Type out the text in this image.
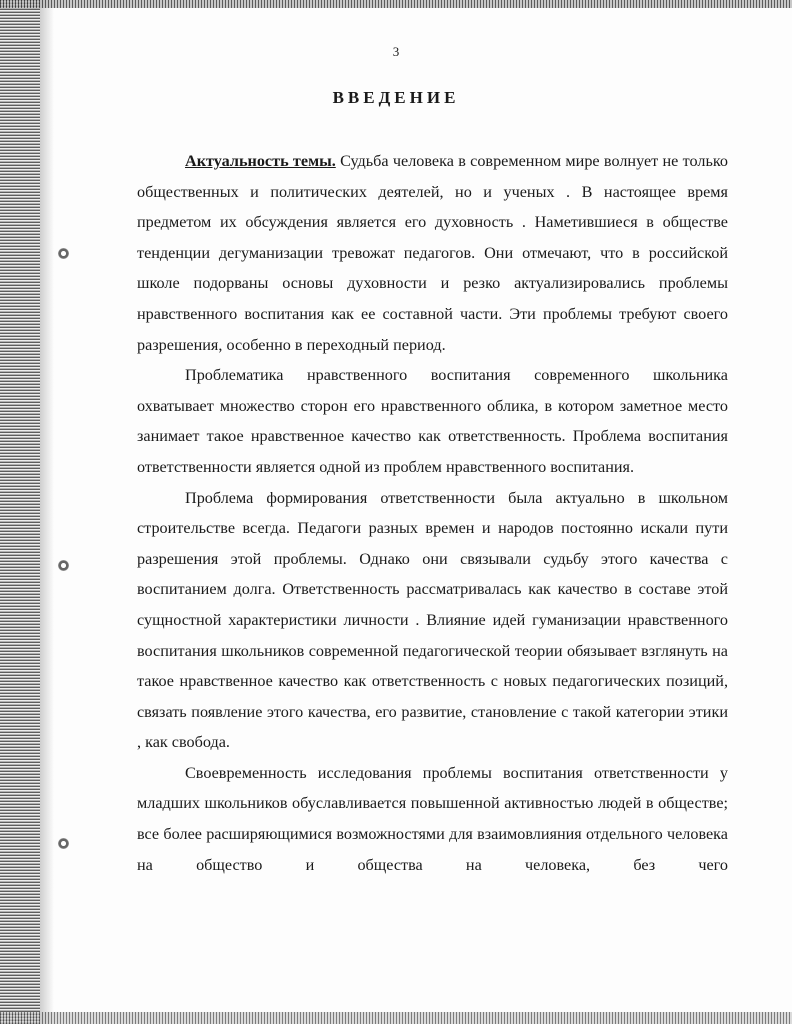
3
ВВЕДЕНИЕ

Актуальность темы. Судьба человека в современном мире волнует не только общественных и политических деятелей, но и ученых . В настоящее время предметом их обсуждения является его духовность . Наметившиеся в обществе тенденции дегуманизации тревожат педагогов. Они отмечают, что в российской школе подорваны основы духовности и резко актуализировались проблемы нравственного воспитания как ее составной части. Эти проблемы требуют своего разрешения, особенно в переходный период.

Проблематика нравственного воспитания современного школьника охватывает множество сторон его нравственного облика, в котором заметное место занимает такое нравственное качество как ответственность. Проблема воспитания ответственности является одной из проблем нравственного воспитания.

Проблема формирования ответственности была актуально в школьном строительстве всегда. Педагоги разных времен и народов постоянно искали пути разрешения этой проблемы. Однако они связывали судьбу этого качества с воспитанием долга. Ответственность рассматривалась как качество в составе этой сущностной характеристики личности . Влияние идей гуманизации нравственного воспитания школьников современной педагогической теории обязывает взглянуть на такое нравственное качество как ответственность с новых педагогических позиций, связать появление этого качества, его развитие, становление с такой категории этики , как свобода.

Своевременность исследования проблемы воспитания ответственности у младших школьников обуславливается повышенной активностью людей в обществе; все более расширяющимися возможностями для взаимовлияния отдельного человека на общество и общества на человека, без чего
